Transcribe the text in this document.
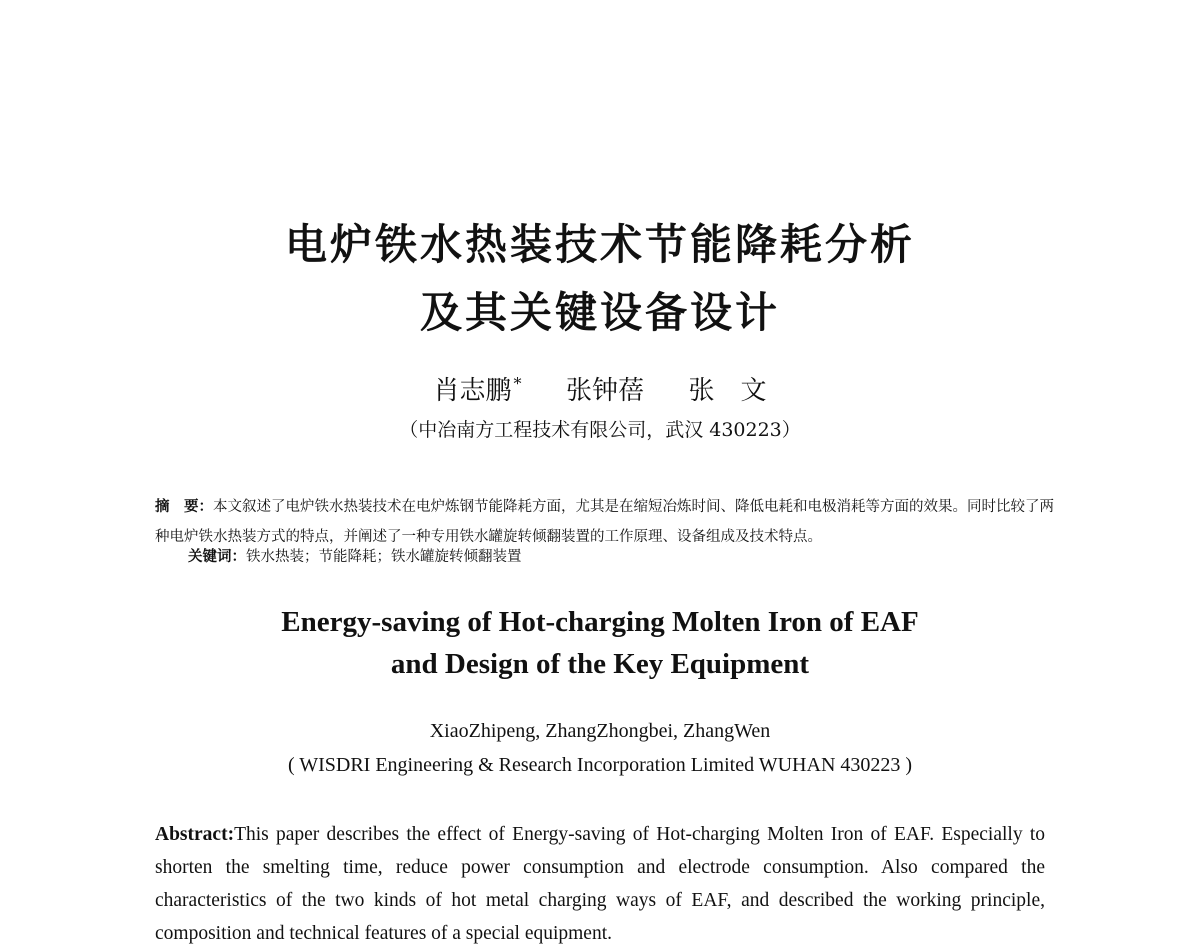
电炉铁水热装技术节能降耗分析
及其关键设备设计
肖志鹏 * 张钟蓓 张　文
（中冶南方工程技术有限公司，武汉 430223）

摘　要：本文叙述了电炉铁水热装技术在电炉炼钢节能降耗方面，尤其是在缩短冶炼时间、降低电耗和电极消耗等方面的效果。同时比较了两种电炉铁水热装方式的特点，并阐述了一种专用铁水罐旋转倾翻装置的工作原理、设备组成及技术特点。

关键词：铁水热装；节能降耗；铁水罐旋转倾翻装置
Energy-saving of Hot-charging Molten Iron of EAF
and Design of the Key Equipment
XiaoZhipeng, ZhangZhongbei, ZhangWen
( WISDRI Engineering & Research Incorporation Limited WUHAN 430223 )
Abstract:This paper describes the effect of Energy-saving of Hot-charging Molten Iron of EAF. Especially to shorten the smelting time, reduce power consumption and electrode consumption. Also compared the characteristics of the two kinds of hot metal charging ways of EAF, and described the working principle, composition and technical features of a special equipment.
